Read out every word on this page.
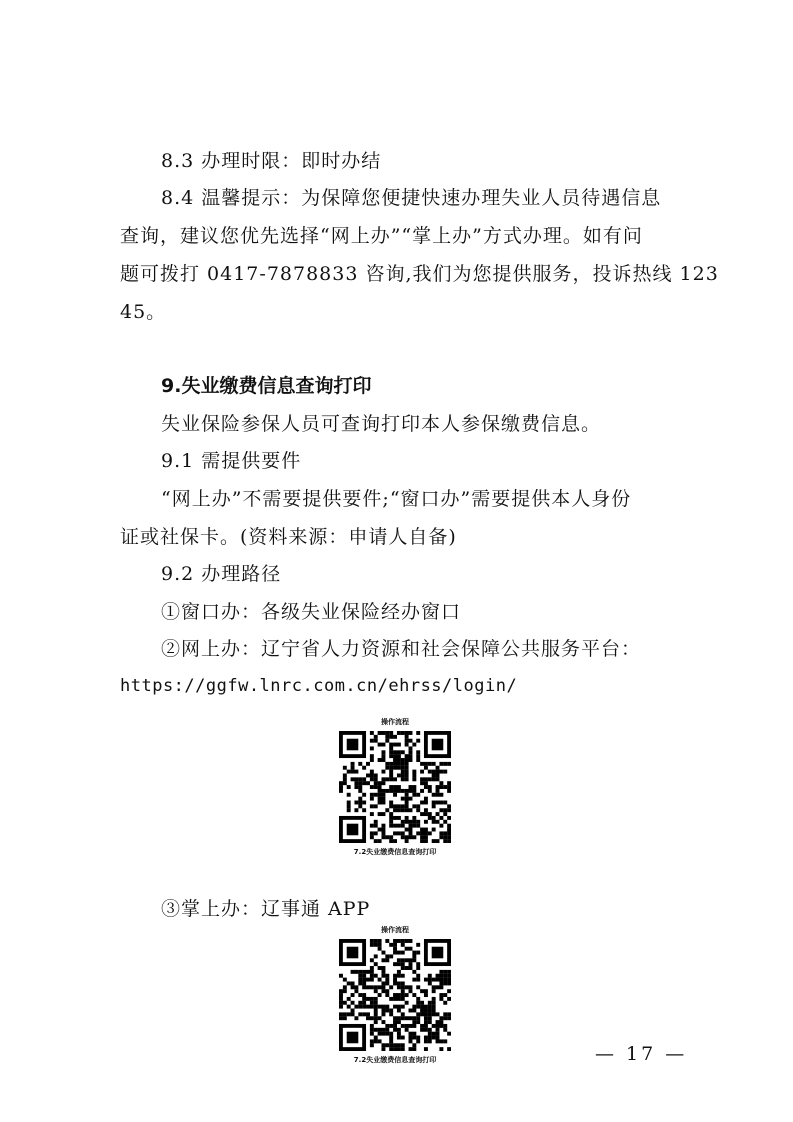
8.3 办理时限：即时办结
8.4 温馨提示：为保障您便捷快速办理失业人员待遇信息
查询，建议您优先选择“网上办”“掌上办”方式办理。如有问
题可拨打 0417-7878833 咨询,我们为您提供服务，投诉热线 123
45。
9.失业缴费信息查询打印
失业保险参保人员可查询打印本人参保缴费信息。
9.1 需提供要件
“网上办”不需要提供要件;“窗口办”需要提供本人身份
证或社保卡。(资料来源：申请人自备)
9.2 办理路径
①窗口办：各级失业保险经办窗口
②网上办：辽宁省人力资源和社会保障公共服务平台：
https://ggfw.lnrc.com.cn/ehrss/login/
操作流程
7.2失业缴费信息查询打印
③掌上办：辽事通 APP
操作流程
7.2失业缴费信息查询打印	— 17 —
